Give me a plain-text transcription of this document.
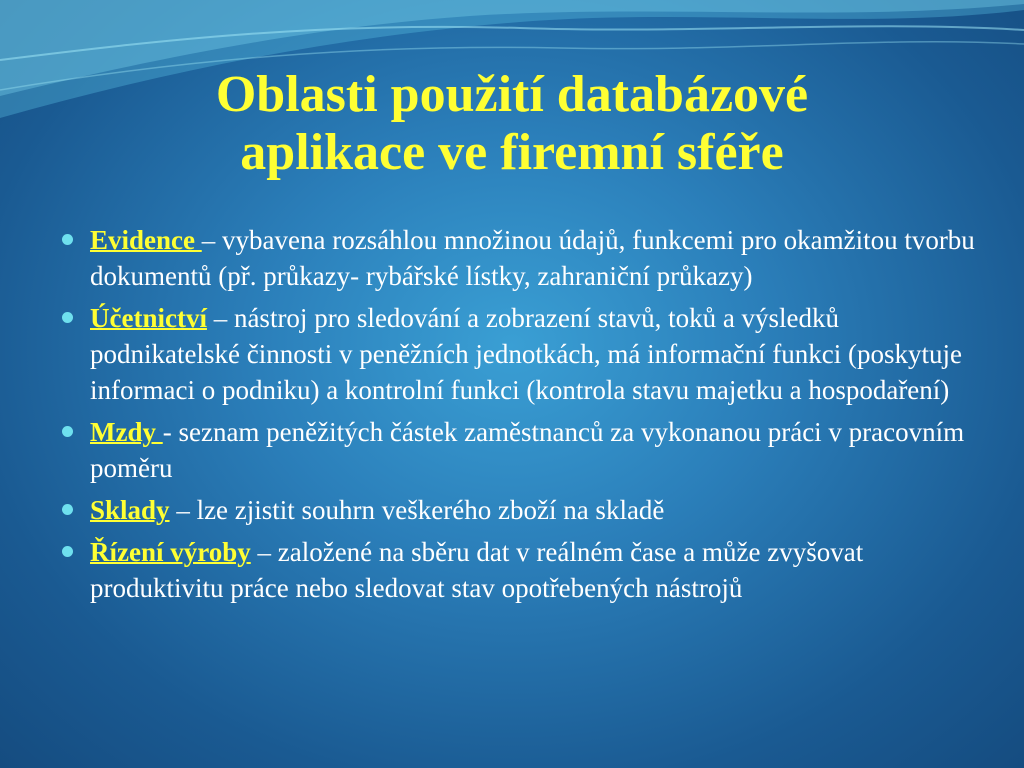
Oblasti použití databázové
aplikace ve firemní sféře
Evidence – vybavena rozsáhlou množinou údajů, funkcemi pro okamžitou tvorbu dokumentů (př. průkazy- rybářské lístky, zahraniční průkazy)
Účetnictví – nástroj pro sledování a zobrazení stavů, toků a výsledků podnikatelské činnosti v peněžních jednotkách, má informační funkci (poskytuje informaci o podniku) a kontrolní funkci (kontrola stavu majetku a hospodaření)
Mzdy - seznam peněžitých částek zaměstnanců za vykonanou práci v pracovním poměru
Sklady – lze zjistit souhrn veškerého zboží na skladě
Řízení výroby – založené na sběru dat v reálném čase a může zvyšovat produktivitu práce nebo sledovat stav opotřebených nástrojů
